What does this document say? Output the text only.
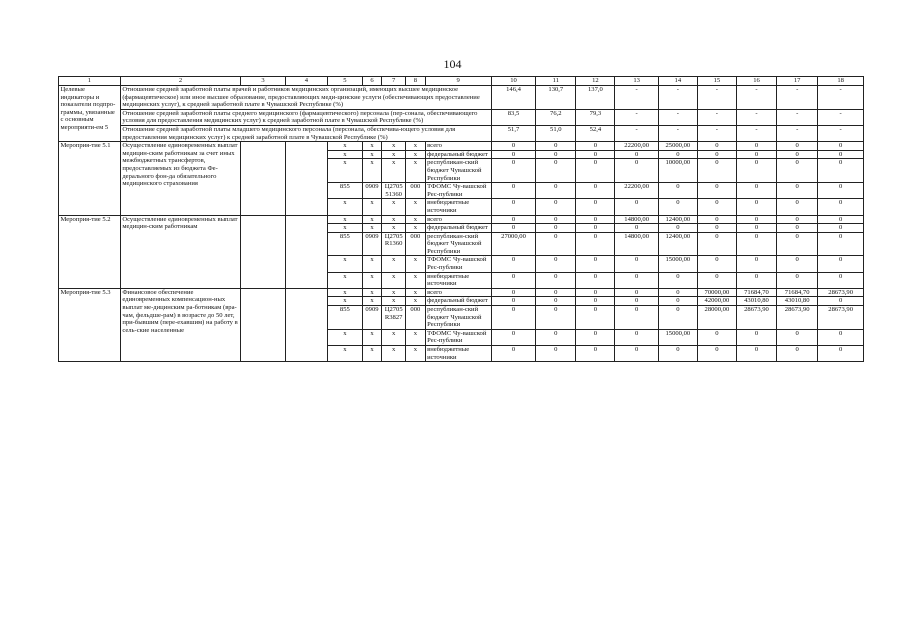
104
1	2	3	4	5	6	7	8	9	10	11	12	13	14	15	16	17	18
Целевые индикаторы и показатели подпро-граммы, увязанные с основным мероприяти-ем 5	Отношение средней заработной платы врачей и работников медицинских организаций, имеющих высшее медицинское (фармацевтическое) или иное высшее образование, предоставляющих меди-цинские услуги (обеспечивающих предоставление медицинских услуг), к средней заработной плате в Чувашской Республике (%)								146,4	130,7	137,0	-	-	-	-	-	-
	Отношение средней заработной платы среднего медицинского (фармацевтического) персонала (пер-сонала, обеспечивающего условия для предоставления медицинских услуг) к средней заработной плате в Чувашской Республике (%)								83,5	76,2	79,3	-	-	-	-	-	-
	Отношение средней заработной платы младшего медицинского персонала (персонала, обеспечива-ющего условия для предоставления медицинских услуг) к средней заработной плате в Чувашской Республике (%)								51,7	51,0	52,4	-	-	-	-	-	-
Мероприя-тие 5.1	Осуществление единовременных выплат медицин-ским работникам за счет иных межбюджетных трансфертов, предоставляемых из бюджета Фе-дерального фон-да обязательного медицинского страхования			x	x	x	x	всего	0	0	0	22200,00	25000,00	0	0	0	0
				x	x	x	x	федеральный бюджет	0	0	0	0	0	0	0	0	0
				x	x	x	x	республикан-ский бюджет Чувашской Республики	0	0	0	0	10000,00	0	0	0	0
				855	0909	Ц2705 51360	000	ТФОМС Чу-вашской Рес-публики	0	0	0	22200,00	0	0	0	0	0
				x	x	x	x	внебюджетные источники	0	0	0	0	0	0	0	0	0
Мероприя-тие 5.2	Осуществление единовременных выплат медицин-ским работникам			x	x	x	x	всего	0	0	0	14800,00	12400,00	0	0	0	0
				x	x	x	x	федеральный бюджет	0	0	0	0	0	0	0	0	0
				855	0909	Ц2705 R1360	000	республикан-ский бюджет Чувашской Республики	27000,00	0	0	14800,00	12400,00	0	0	0	0
				x	x	x	x	ТФОМС Чу-вашской Рес-публики	0	0	0	0	15000,00	0	0	0	0
				x	x	x	x	внебюджетные источники	0	0	0	0	0	0	0	0	0
Мероприя-тие 5.3	Финансовое обеспечение единовременных компенсацион-ных выплат ме-дицинским ра-ботникам (вра-чам, фельдше-рам) в возрасте до 50 лет, при-бывшим (пере-ехавшим) на работу в сель-ские населенные			x	x	x	x	всего	0	0	0	0	0	70000,00	71684,70	71684,70	28673,90
				x	x	x	x	федеральный бюджет	0	0	0	0	0	42000,00	43010,80	43010,80	0
				855	0909	Ц2705 R3827	000	республикан-ский бюджет Чувашской Республики	0	0	0	0	0	28000,00	28673,90	28673,90	28673,90
				x	x	x	x	ТФОМС Чу-вашской Рес-публики	0	0	0	0	15000,00	0	0	0	0
				x	x	x	x	внебюджетные источники	0	0	0	0	0	0	0	0	0
